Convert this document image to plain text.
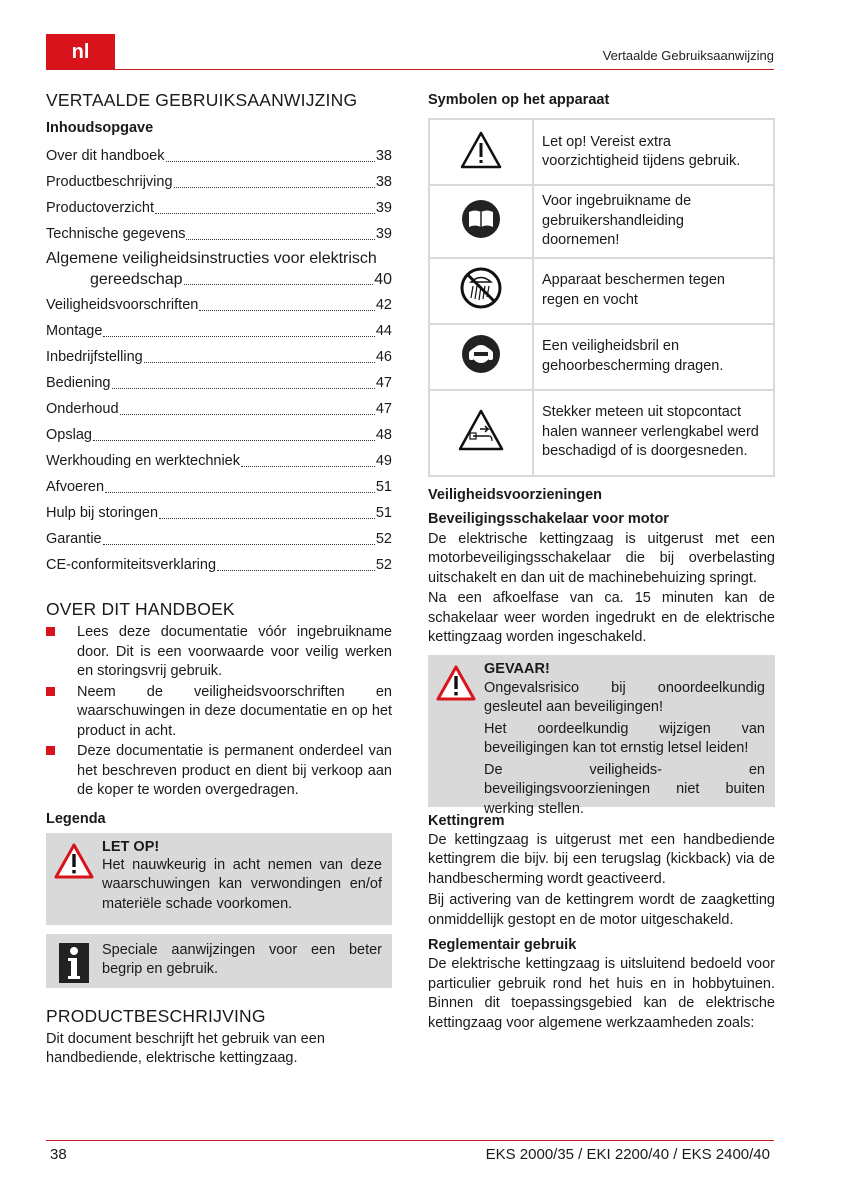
nl	Vertaalde Gebruiksaanwijzing
VERTAALDE GEBRUIKSAANWIJZING
Inhoudsopgave
Over dit handboek	38
Productbeschrijving	38
Productoverzicht	39
Technische gegevens	39
Algemene veiligheidsinstructies voor elektrisch
gereedschap	40
Veiligheidsvoorschriften	42
Montage	44
Inbedrijfstelling	46
Bediening	47
Onderhoud	47
Opslag	48
Werkhouding en werktechniek	49
Afvoeren	51
Hulp bij storingen	51
Garantie	52
CE-conformiteitsverklaring	52
OVER DIT HANDBOEK
Lees deze documentatie vóór ingebruikname door. Dit is een voorwaarde voor veilig werken en storingsvrij gebruik.
Neem de veiligheidsvoorschriften en waarschuwingen in deze documentatie en op het product in acht.
Deze documentatie is permanent onderdeel van het beschreven product en dient bij verkoop aan de koper te worden overgedragen.
Legenda
LET OP!

Het nauwkeurig in acht nemen van deze waarschuwingen kan verwondingen en/of materiële schade voorkomen.

Speciale aanwijzingen voor een beter begrip en gebruik.

PRODUCTBESCHRIJVING

Dit document beschrijft het gebruik van een handbediende, elektrische kettingzaag.

Symbolen op het apparaat
	Let op! Vereist extra voorzichtigheid tijdens gebruik.
	Voor ingebruikname de gebruikershandleiding doornemen!
	Apparaat beschermen tegen regen en vocht
	Een veiligheidsbril en gehoorbescherming dragen.
	Stekker meteen uit stopcontact halen wanneer verlengkabel werd beschadigd of is doorgesneden.
Veiligheidsvoorzieningen
Beveiligingsschakelaar voor motor

De elektrische kettingzaag is uitgerust met een motorbeveiligingsschakelaar die bij overbelasting uitschakelt en dan uit de machinebehuizing springt.

Na een afkoelfase van ca. 15 minuten kan de schakelaar weer worden ingedrukt en de elektrische kettingzaag worden ingeschakeld.

GEVAAR!

Ongevalsrisico bij onoordeelkundig gesleutel aan beveiligingen!

Het oordeelkundig wijzigen van beveiligingen kan tot ernstig letsel leiden!

De veiligheids- en beveiligingsvoorzieningen niet buiten werking stellen.

Kettingrem

De kettingzaag is uitgerust met een handbediende kettingrem die bijv. bij een terugslag (kickback) via de handbescherming wordt geactiveerd.

Bij activering van de kettingrem wordt de zaagketting onmiddellijk gestopt en de motor uitgeschakeld.

Reglementair gebruik

De elektrische kettingzaag is uitsluitend bedoeld voor particulier gebruik rond het huis en in hobbytuinen. Binnen dit toepassingsgebied kan de elektrische kettingzaag voor algemene werkzaamheden zoals:

38	EKS 2000/35 / EKI 2200/40 / EKS 2400/40
